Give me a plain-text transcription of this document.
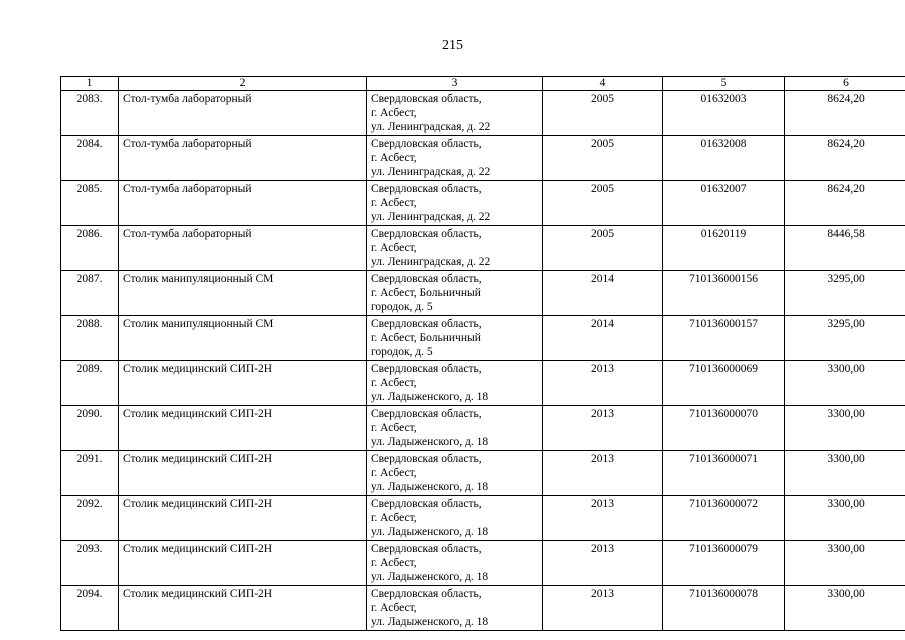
215
1	2	3	4	5	6
2083.	Стол-тумба лабораторный	Свердловская область,
г. Асбест,
ул. Ленинградская, д. 22	2005	01632003	8624,20
2084.	Стол-тумба лабораторный	Свердловская область,
г. Асбест,
ул. Ленинградская, д. 22	2005	01632008	8624,20
2085.	Стол-тумба лабораторный	Свердловская область,
г. Асбест,
ул. Ленинградская, д. 22	2005	01632007	8624,20
2086.	Стол-тумба лабораторный	Свердловская область,
г. Асбест,
ул. Ленинградская, д. 22	2005	01620119	8446,58
2087.	Столик манипуляционный СМ	Свердловская область,
г. Асбест, Больничный
городок, д. 5	2014	710136000156	3295,00
2088.	Столик манипуляционный СМ	Свердловская область,
г. Асбест, Больничный
городок, д. 5	2014	710136000157	3295,00
2089.	Столик медицинский СИП-2Н	Свердловская область,
г. Асбест,
ул. Ладыженского, д. 18	2013	710136000069	3300,00
2090.	Столик медицинский СИП-2Н	Свердловская область,
г. Асбест,
ул. Ладыженского, д. 18	2013	710136000070	3300,00
2091.	Столик медицинский СИП-2Н	Свердловская область,
г. Асбест,
ул. Ладыженского, д. 18	2013	710136000071	3300,00
2092.	Столик медицинский СИП-2Н	Свердловская область,
г. Асбест,
ул. Ладыженского, д. 18	2013	710136000072	3300,00
2093.	Столик медицинский СИП-2Н	Свердловская область,
г. Асбест,
ул. Ладыженского, д. 18	2013	710136000079	3300,00
2094.	Столик медицинский СИП-2Н	Свердловская область,
г. Асбест,
ул. Ладыженского, д. 18	2013	710136000078	3300,00
